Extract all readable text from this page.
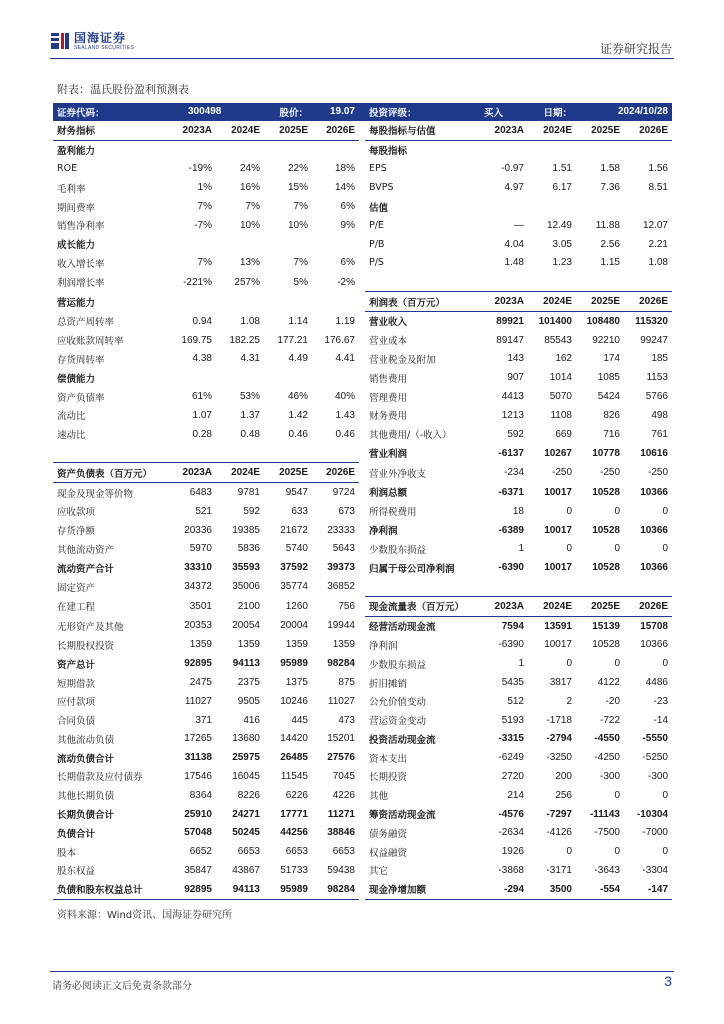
国海证券
SEALAND SECURITIES	证券研究报告
附表：温氏股份盈利预测表
证券代码：	300498		股价：	19.07		投资评级：	买入	日期：	2024/10/28	
财务指标	2023A	2024E	2025E	2026E		每股指标与估值	2023A	2024E	2025E	2026E
盈利能力						每股指标				
ROE	-19%	24%	22%	18%		EPS	-0.97	1.51	1.58	1.56
毛利率	1%	16%	15%	14%		BVPS	4.97	6.17	7.36	8.51
期间费率	7%	7%	7%	6%		估值				
销售净利率	-7%	10%	10%	9%		P/E	—	12.49	11.88	12.07
成长能力						P/B	4.04	3.05	2.56	2.21
收入增长率	7%	13%	7%	6%		P/S	1.48	1.23	1.15	1.08
利润增长率	-221%	257%	5%	-2%						
营运能力						利润表（百万元）	2023A	2024E	2025E	2026E
总资产周转率	0.94	1.08	1.14	1.19		营业收入	89921	101400	108480	115320
应收账款周转率	169.75	182.25	177.21	176.67		营业成本	89147	85543	92210	99247
存货周转率	4.38	4.31	4.49	4.41		营业税金及附加	143	162	174	185
偿债能力						销售费用	907	1014	1085	1153
资产负债率	61%	53%	46%	40%		管理费用	4413	5070	5424	5766
流动比	1.07	1.37	1.42	1.43		财务费用	1213	1108	826	498
速动比	0.28	0.48	0.46	0.46		其他费用/（-收入）	592	669	716	761
						营业利润	-6137	10267	10778	10616
资产负债表（百万元）	2023A	2024E	2025E	2026E		营业外净收支	-234	-250	-250	-250
现金及现金等价物	6483	9781	9547	9724		利润总额	-6371	10017	10528	10366
应收款项	521	592	633	673		所得税费用	18	0	0	0
存货净额	20336	19385	21672	23333		净利润	-6389	10017	10528	10366
其他流动资产	5970	5836	5740	5643		少数股东损益	1	0	0	0
流动资产合计	33310	35593	37592	39373		归属于母公司净利润	-6390	10017	10528	10366
固定资产	34372	35006	35774	36852						
在建工程	3501	2100	1260	756		现金流量表（百万元）	2023A	2024E	2025E	2026E
无形资产及其他	20353	20054	20004	19944		经营活动现金流	7594	13591	15139	15708
长期股权投资	1359	1359	1359	1359		净利润	-6390	10017	10528	10366
资产总计	92895	94113	95989	98284		少数股东损益	1	0	0	0
短期借款	2475	2375	1375	875		折旧摊销	5435	3817	4122	4486
应付款项	11027	9505	10246	11027		公允价值变动	512	2	-20	-23
合同负债	371	416	445	473		营运资金变动	5193	-1718	-722	-14
其他流动负债	17265	13680	14420	15201		投资活动现金流	-3315	-2794	-4550	-5550
流动负债合计	31138	25975	26485	27576		资本支出	-6249	-3250	-4250	-5250
长期借款及应付债券	17546	16045	11545	7045		长期投资	2720	200	-300	-300
其他长期负债	8364	8226	6226	4226		其他	214	256	0	0
长期负债合计	25910	24271	17771	11271		筹资活动现金流	-4576	-7297	-11143	-10304
负债合计	57048	50245	44256	38846		债务融资	-2634	-4126	-7500	-7000
股本	6652	6653	6653	6653		权益融资	1926	0	0	0
股东权益	35847	43867	51733	59438		其它	-3868	-3171	-3643	-3304
负债和股东权益总计	92895	94113	95989	98284		现金净增加额	-294	3500	-554	-147
资料来源：Wind资讯、国海证券研究所
请务必阅读正文后免责条款部分	3
